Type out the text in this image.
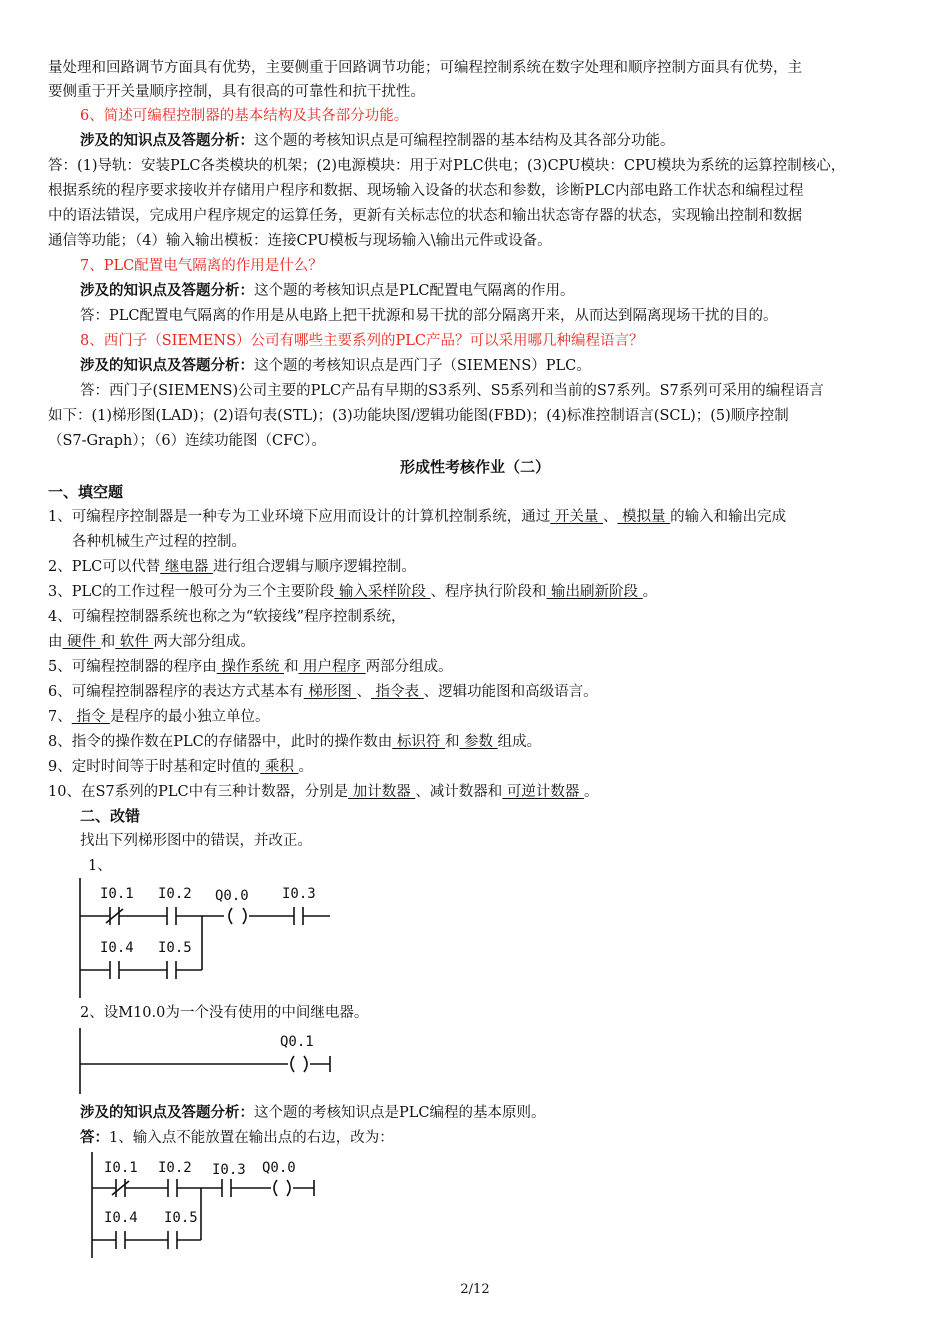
量处理和回路调节方面具有优势，主要侧重于回路调节功能；可编程控制系统在数字处理和顺序控制方面具有优势，主
要侧重于开关量顺序控制，具有很高的可靠性和抗干扰性。
6、简述可编程控制器的基本结构及其各部分功能。
涉及的知识点及答题分析：这个题的考核知识点是可编程控制器的基本结构及其各部分功能。
答：(1)导轨：安装PLC各类模块的机架；(2)电源模块：用于对PLC供电；(3)CPU模块：CPU模块为系统的运算控制核心，
根据系统的程序要求接收并存储用户程序和数据、现场输入设备的状态和参数，诊断PLC内部电路工作状态和编程过程
中的语法错误，完成用户程序规定的运算任务，更新有关标志位的状态和输出状态寄存器的状态，实现输出控制和数据
通信等功能；（4）输入输出模板：连接CPU模板与现场输入\输出元件或设备。
7、PLC配置电气隔离的作用是什么？
涉及的知识点及答题分析：这个题的考核知识点是PLC配置电气隔离的作用。
答：PLC配置电气隔离的作用是从电路上把干扰源和易干扰的部分隔离开来，从而达到隔离现场干扰的目的。
8、西门子（SIEMENS）公司有哪些主要系列的PLC产品？可以采用哪几种编程语言？
涉及的知识点及答题分析：这个题的考核知识点是西门子（SIEMENS）PLC。
答：西门子(SIEMENS)公司主要的PLC产品有早期的S3系列、S5系列和当前的S7系列。S7系列可采用的编程语言
如下：(1)梯形图(LAD)；(2)语句表(STL)；(3)功能块图/逻辑功能图(FBD)；(4)标准控制语言(SCL)；(5)顺序控制
（S7-Graph）；（6）连续功能图（CFC）。
形成性考核作业（二）
一、填空题
1、可编程序控制器是一种专为工业环境下应用而设计的计算机控制系统，通过 开关量 、 模拟量 的输入和输出完成
各种机械生产过程的控制。
2、PLC可以代替 继电器 进行组合逻辑与顺序逻辑控制。
3、PLC的工作过程一般可分为三个主要阶段 输入采样阶段 、程序执行阶段和 输出刷新阶段 。
4、可编程控制器系统也称之为“软接线”程序控制系统，
由 硬件 和 软件 两大部分组成。
5、可编程控制器的程序由 操作系统 和 用户程序 两部分组成。
6、可编程控制器程序的表达方式基本有 梯形图 、 指令表 、逻辑功能图和高级语言。
7、 指令 是程序的最小独立单位。
8、指令的操作数在PLC的存储器中，此时的操作数由 标识符 和 参数 组成。
9、定时时间等于时基和定时值的 乘积 。
10、在S7系列的PLC中有三种计数器，分别是 加计数器 、减计数器和 可逆计数器 。
二、改错
找出下列梯形图中的错误，并改正。
1、
I0.1 I0.2 Q0.0 I0.3
I0.4 I0.5
2、设M10.0为一个没有使用的中间继电器。
Q0.1
涉及的知识点及答题分析：这个题的考核知识点是PLC编程的基本原则。
答：1、输入点不能放置在输出点的右边，改为：
I0.1 I0.2 I0.3 Q0.0
I0.4 I0.5
2/12
